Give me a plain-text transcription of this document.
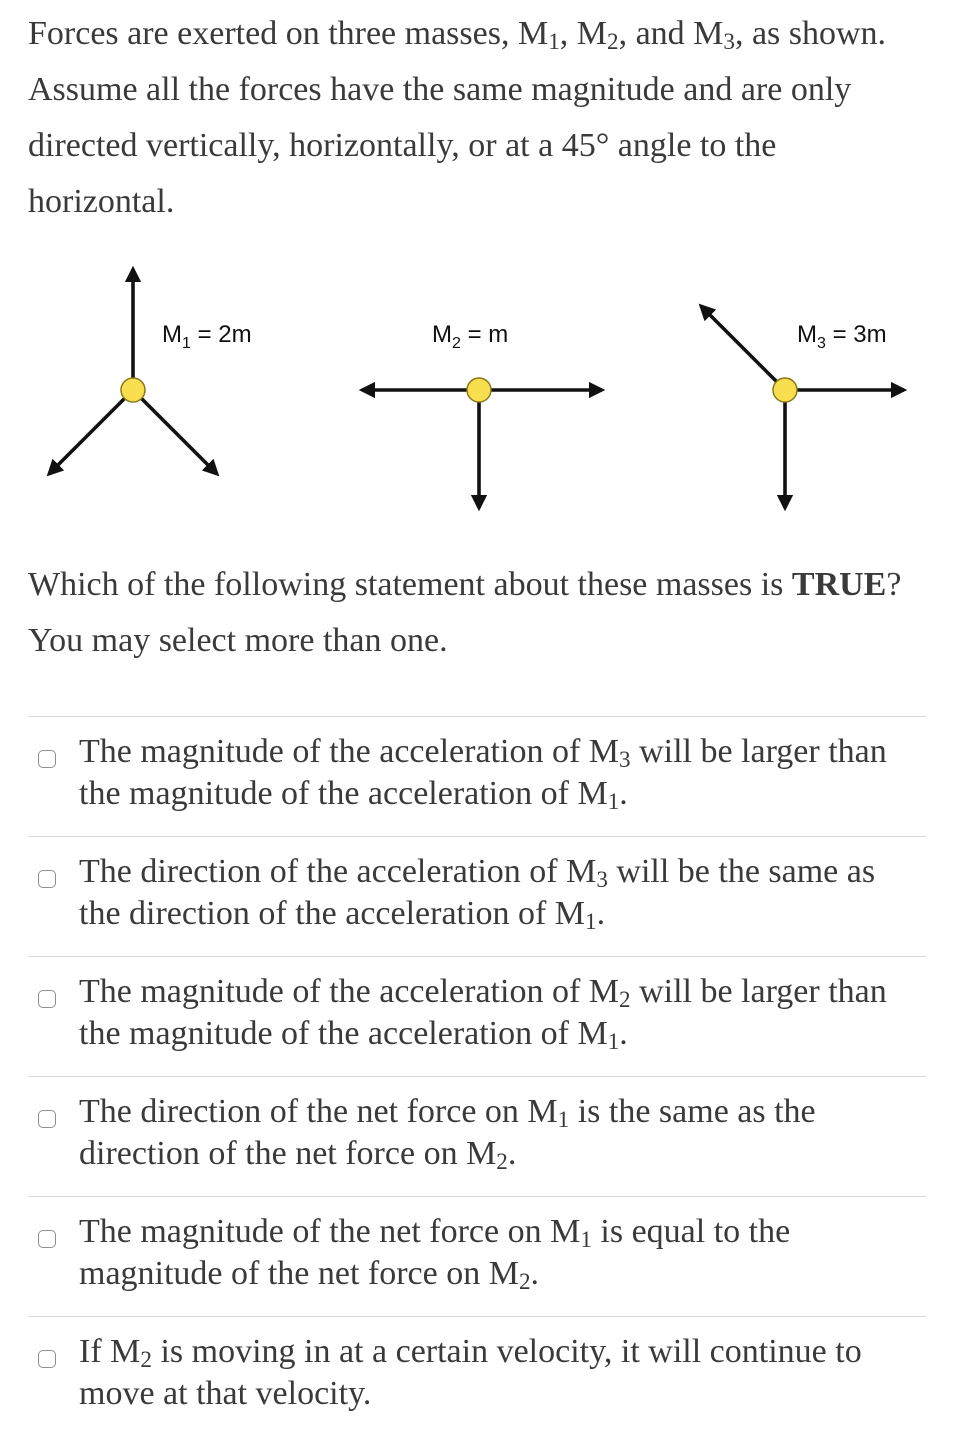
Forces are exerted on three masses, $M_1$, $M_2$, and $M_3$, as shown. Assume all the forces have the same magnitude and are only directed vertically, horizontally, or at a 45° angle to the horizontal.

$M_1 = 2m$	$M_2 = m$	$M_3 = 3m$

Which of the following statement about these masses is TRUE? You may select more than one.

The magnitude of the acceleration of $M_3$ will be larger than the magnitude of the acceleration of $M_1$.
The direction of the acceleration of $M_3$ will be the same as the direction of the acceleration of $M_1$.
The magnitude of the acceleration of $M_2$ will be larger than the magnitude of the acceleration of $M_1$.
The direction of the net force on $M_1$ is the same as the direction of the net force on $M_2$.
The magnitude of the net force on $M_1$ is equal to the magnitude of the net force on $M_2$.
If $M_2$ is moving in at a certain velocity, it will continue to move at that velocity.
